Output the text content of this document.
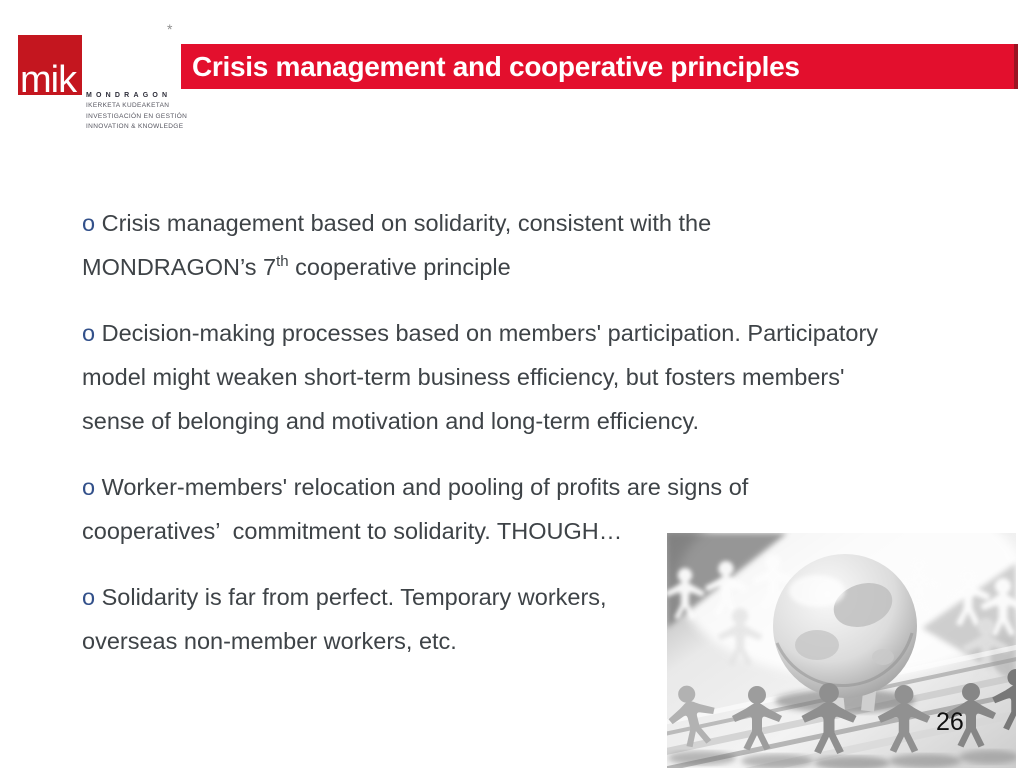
mik MONDRAGON
IKERKETA KUDEAKETAN
INVESTIGACIÓN EN GESTIÓN
INNOVATION & KNOWLEDGE
*
Crisis management and cooperative principles

o Crisis management based on solidarity, consistent with the
MONDRAGON’s 7th cooperative principle

o Decision-making processes based on members' participation. Participatory
model might weaken short-term business efficiency, but fosters members'
sense of belonging and motivation and long-term efficiency.

o Worker-members' relocation and pooling of profits are signs of
cooperatives’  commitment to solidarity. THOUGH…

o Solidarity is far from perfect. Temporary workers,
overseas non-member workers, etc.

26
